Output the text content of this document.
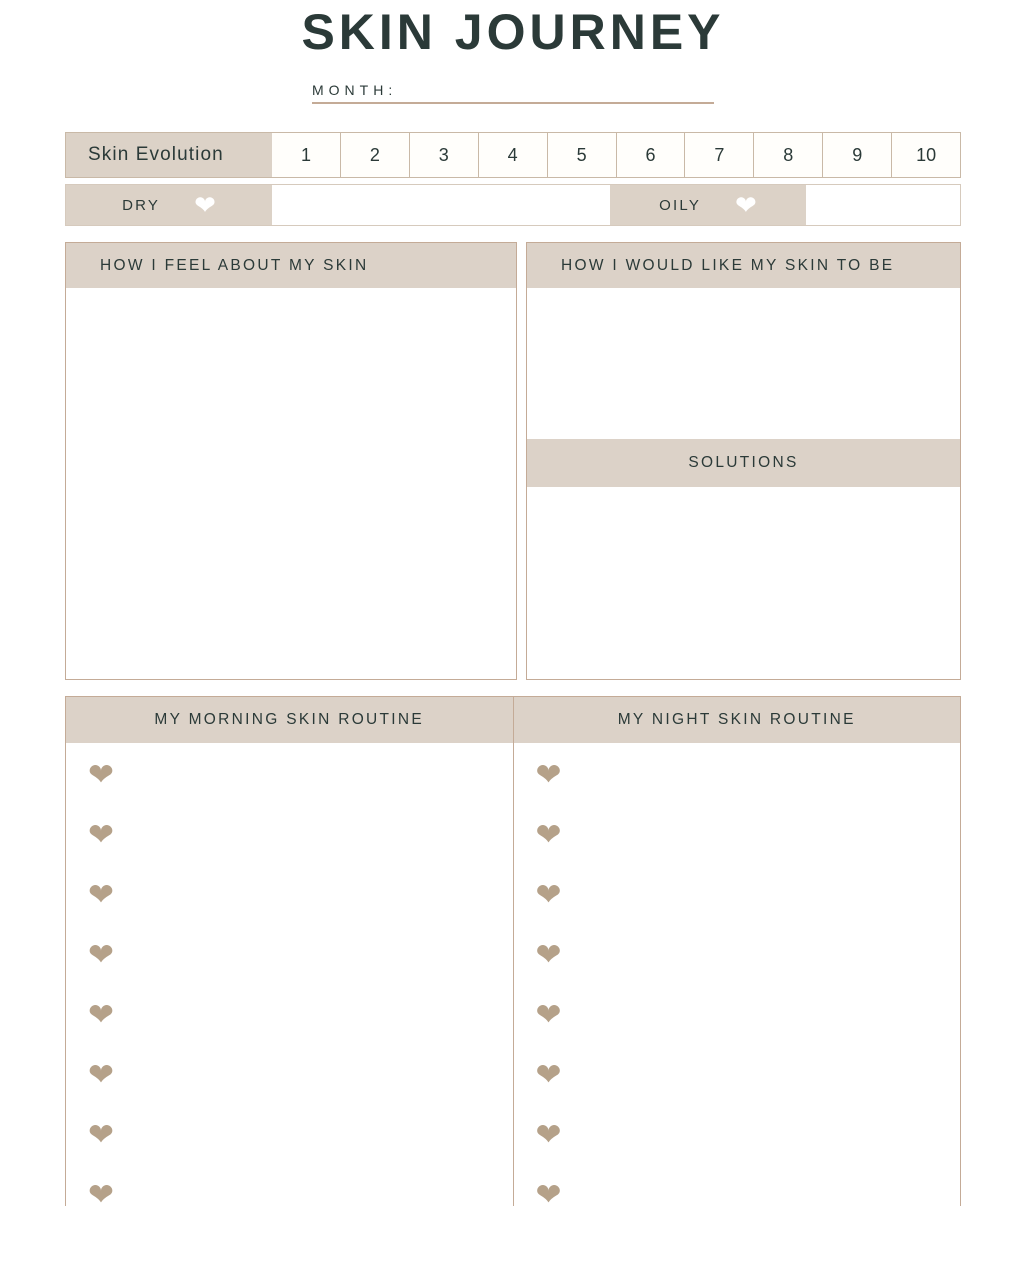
SKIN JOURNEY
MONTH:
Skin Evolution	1	2	3	4	5	6	7	8	9	10
DRY ❤	OILY ❤
HOW I FEEL ABOUT MY SKIN	HOW I WOULD LIKE MY SKIN TO BE
SOLUTIONS
MY MORNING SKIN ROUTINE
❤
❤
❤
❤
❤
❤
❤
❤
MY NIGHT SKIN ROUTINE
❤
❤
❤
❤
❤
❤
❤
❤
